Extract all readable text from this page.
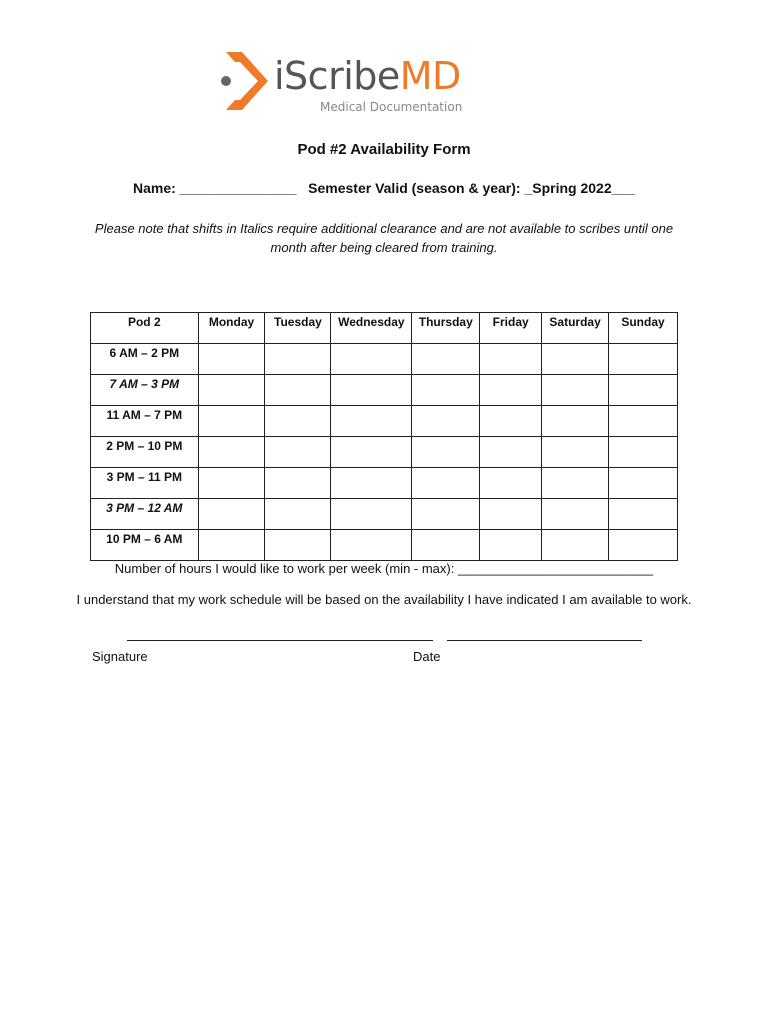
iScribeMD
Medical Documentation
Pod #2 Availability Form
Name: _______________   Semester Valid (season & year): _Spring 2022___
Please note that shifts in Italics require additional clearance and are not available to scribes until one month after being cleared from training.
Pod 2	Monday	Tuesday	Wednesday	Thursday	Friday	Saturday	Sunday
6 AM – 2 PM							
7 AM – 3 PM							
11 AM – 7 PM							
2 PM – 10 PM							
3 PM – 11 PM							
3 PM – 12 AM							
10 PM – 6 AM							
Number of hours I would like to work per week (min - max): ___________________________
I understand that my work schedule will be based on the availability I have indicated I am available to work.
Signature	Date
